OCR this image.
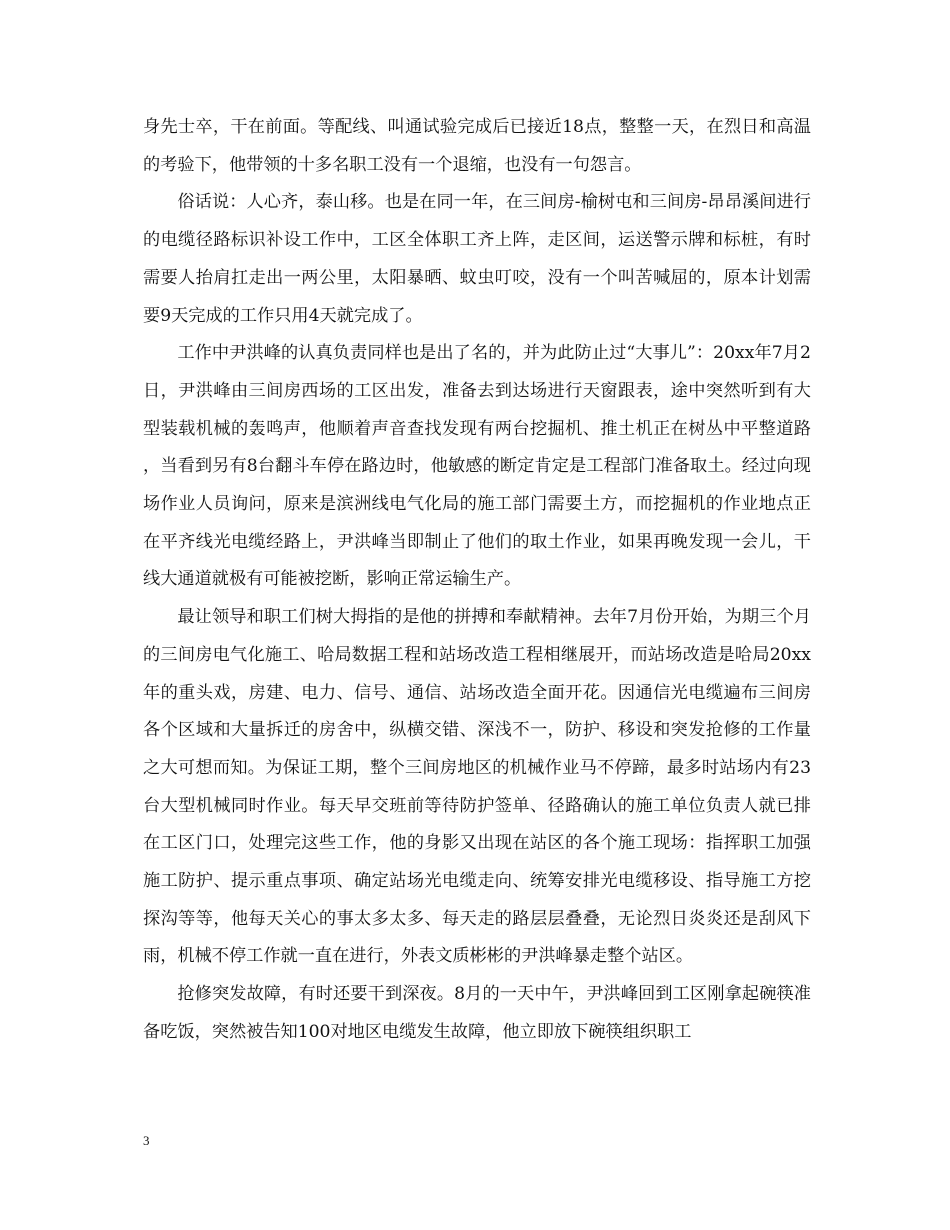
身先士卒，干在前面。等配线、叫通试验完成后已接近18点，整整一天，在烈日和高温的考验下，他带领的十多名职工没有一个退缩，也没有一句怨言。

俗话说：人心齐，泰山移。也是在同一年，在三间房-榆树屯和三间房-昂昂溪间进行的电缆径路标识补设工作中，工区全体职工齐上阵，走区间，运送警示牌和标桩，有时需要人抬肩扛走出一两公里，太阳暴晒、蚊虫叮咬，没有一个叫苦喊屈的，原本计划需要9天完成的工作只用4天就完成了。

工作中尹洪峰的认真负责同样也是出了名的，并为此防止过“大事儿”：20xx年7月2日，尹洪峰由三间房西场的工区出发，准备去到达场进行天窗跟表，途中突然听到有大型装载机械的轰鸣声，他顺着声音查找发现有两台挖掘机、推土机正在树丛中平整道路，当看到另有8台翻斗车停在路边时，他敏感的断定肯定是工程部门准备取土。经过向现场作业人员询问，原来是滨洲线电气化局的施工部门需要土方，而挖掘机的作业地点正在平齐线光电缆经路上，尹洪峰当即制止了他们的取土作业，如果再晚发现一会儿，干线大通道就极有可能被挖断，影响正常运输生产。

最让领导和职工们树大拇指的是他的拼搏和奉献精神。去年7月份开始，为期三个月的三间房电气化施工、哈局数据工程和站场改造工程相继展开，而站场改造是哈局20xx年的重头戏，房建、电力、信号、通信、站场改造全面开花。因通信光电缆遍布三间房各个区域和大量拆迁的房舍中，纵横交错、深浅不一，防护、移设和突发抢修的工作量之大可想而知。为保证工期，整个三间房地区的机械作业马不停蹄，最多时站场内有23台大型机械同时作业。每天早交班前等待防护签单、径路确认的施工单位负责人就已排在工区门口，处理完这些工作，他的身影又出现在站区的各个施工现场：指挥职工加强施工防护、提示重点事项、确定站场光电缆走向、统筹安排光电缆移设、指导施工方挖探沟等等，他每天关心的事太多太多、每天走的路层层叠叠，无论烈日炎炎还是刮风下雨，机械不停工作就一直在进行，外表文质彬彬的尹洪峰暴走整个站区。

抢修突发故障，有时还要干到深夜。8月的一天中午，尹洪峰回到工区刚拿起碗筷准备吃饭，突然被告知100对地区电缆发生故障，他立即放下碗筷组织职工

3
